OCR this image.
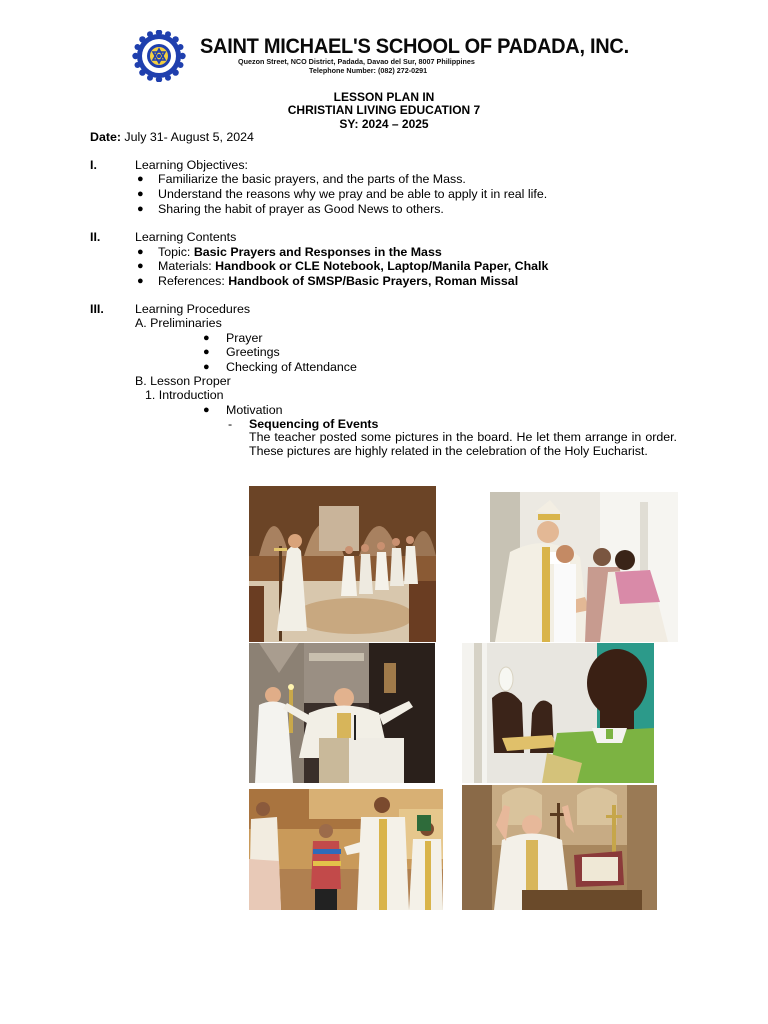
SAINT MICHAEL'S SCHOOL OF PADADA, INC.
Quezon Street, NCO District, Padada, Davao del Sur, 8007 Philippines
Telephone Number: (082) 272-0291
LESSON PLAN IN
CHRISTIAN LIVING EDUCATION 7
SY: 2024 – 2025
Date: July 31- August 5, 2024
I.	Learning Objectives:
● Familiarize the basic prayers, and the parts of the Mass.
● Understand the reasons why we pray and be able to apply it in real life.
● Sharing the habit of prayer as Good News to others.
II.	Learning Contents
● Topic: Basic Prayers and Responses in the Mass
● Materials: Handbook or CLE Notebook, Laptop/Manila Paper, Chalk
● References: Handbook of SMSP/Basic Prayers, Roman Missal
III.	Learning Procedures
A. Preliminaries
● Prayer
● Greetings
● Checking of Attendance
B. Lesson Proper
1. Introduction
● Motivation
- Sequencing of Events
The teacher posted some pictures in the board. He let them arrange in order. These pictures are highly related in the celebration of the Holy Eucharist.
